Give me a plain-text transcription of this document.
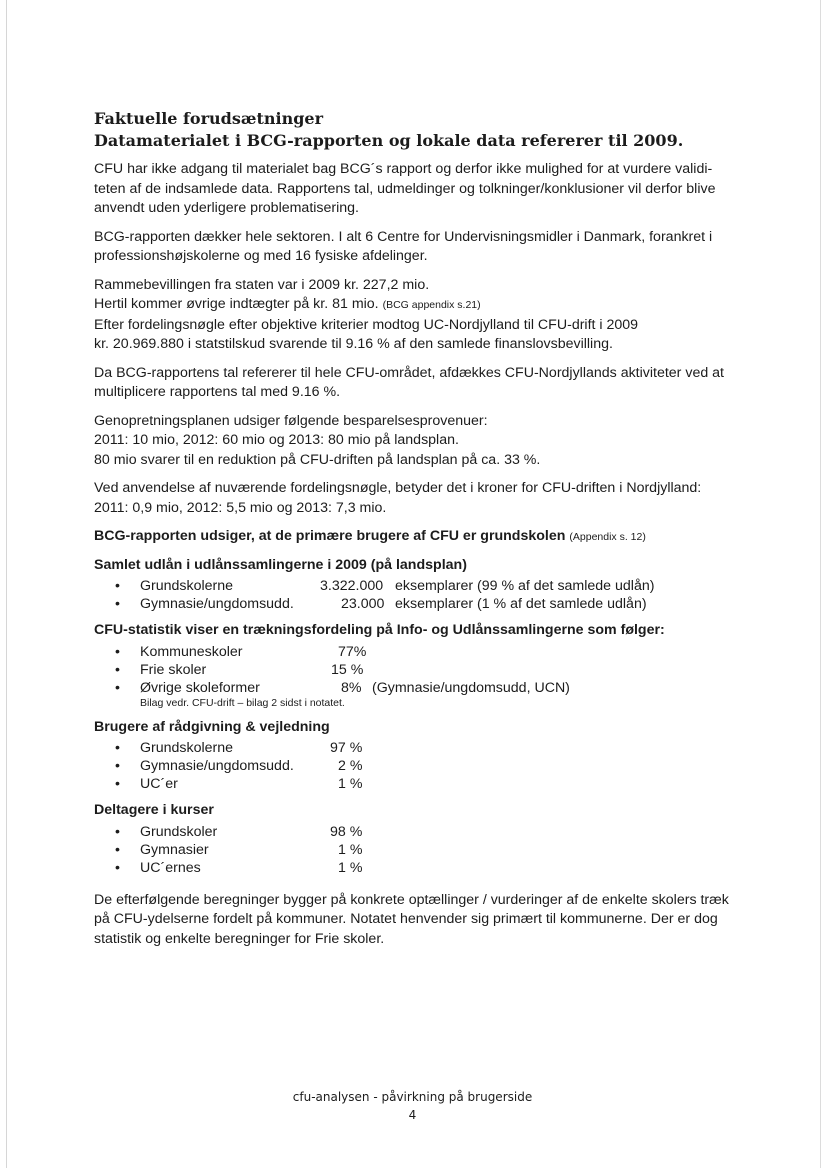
Faktuelle forudsætninger
Datamaterialet i BCG-rapporten og lokale data refererer til 2009.

CFU har ikke adgang til materialet bag BCG´s rapport og derfor ikke mulighed for at vurdere validi-teten af de indsamlede data. Rapportens tal, udmeldinger og tolkninger/konklusioner vil derfor blive anvendt uden yderligere problematisering.

BCG-rapporten dækker hele sektoren. I alt 6 Centre for Undervisningsmidler i Danmark, forankret i professionshøjskolerne og med 16 fysiske afdelinger.

Rammebevillingen fra staten var i 2009 kr. 227,2 mio.
Hertil kommer øvrige indtægter på kr. 81 mio. (BCG appendix s.21)
Efter fordelingsnøgle efter objektive kriterier modtog UC-Nordjylland til CFU-drift i 2009
kr. 20.969.880 i statstilskud svarende til 9.16 % af den samlede finanslovsbevilling.

Da BCG-rapportens tal refererer til hele CFU-området, afdækkes CFU-Nordjyllands aktiviteter ved at multiplicere rapportens tal med 9.16 %.

Genopretningsplanen udsiger følgende besparelsesprovenuer:
2011: 10 mio, 2012: 60 mio og 2013: 80 mio på landsplan.
80 mio svarer til en reduktion på CFU-driften på landsplan på ca. 33 %.

Ved anvendelse af nuværende fordelingsnøgle, betyder det i kroner for CFU-driften i Nordjylland:
2011: 0,9 mio, 2012: 5,5 mio og 2013: 7,3 mio.

BCG-rapporten udsiger, at de primære brugere af CFU er grundskolen (Appendix s. 12)
Samlet udlån i udlånssamlingerne i 2009 (på landsplan)
• Grundskolerne	3.322.000 eksemplarer (99 % af det samlede udlån)
• Gymnasie/ungdomsudd.	23.000 eksemplarer (1 % af det samlede udlån)
CFU-statistik viser en trækningsfordeling på Info- og Udlånssamlingerne som følger:
• Kommuneskoler	77%
• Frie skoler	15 %
• Øvrige skoleformer	8% (Gymnasie/ungdomsudd, UCN)
Bilag vedr. CFU-drift – bilag 2 sidst i notatet.
Brugere af rådgivning & vejledning
• Grundskolerne	97 %
• Gymnasie/ungdomsudd.	2 %
• UC´er	1 %
Deltagere i kurser
• Grundskoler	98 %
• Gymnasier	1 %
• UC´ernes	1 %

De efterfølgende beregninger bygger på konkrete optællinger / vurderinger af de enkelte skolers træk på CFU-ydelserne fordelt på kommuner. Notatet henvender sig primært til kommunerne. Der er dog statistik og enkelte beregninger for Frie skoler.

cfu-analysen - påvirkning på brugerside
4
